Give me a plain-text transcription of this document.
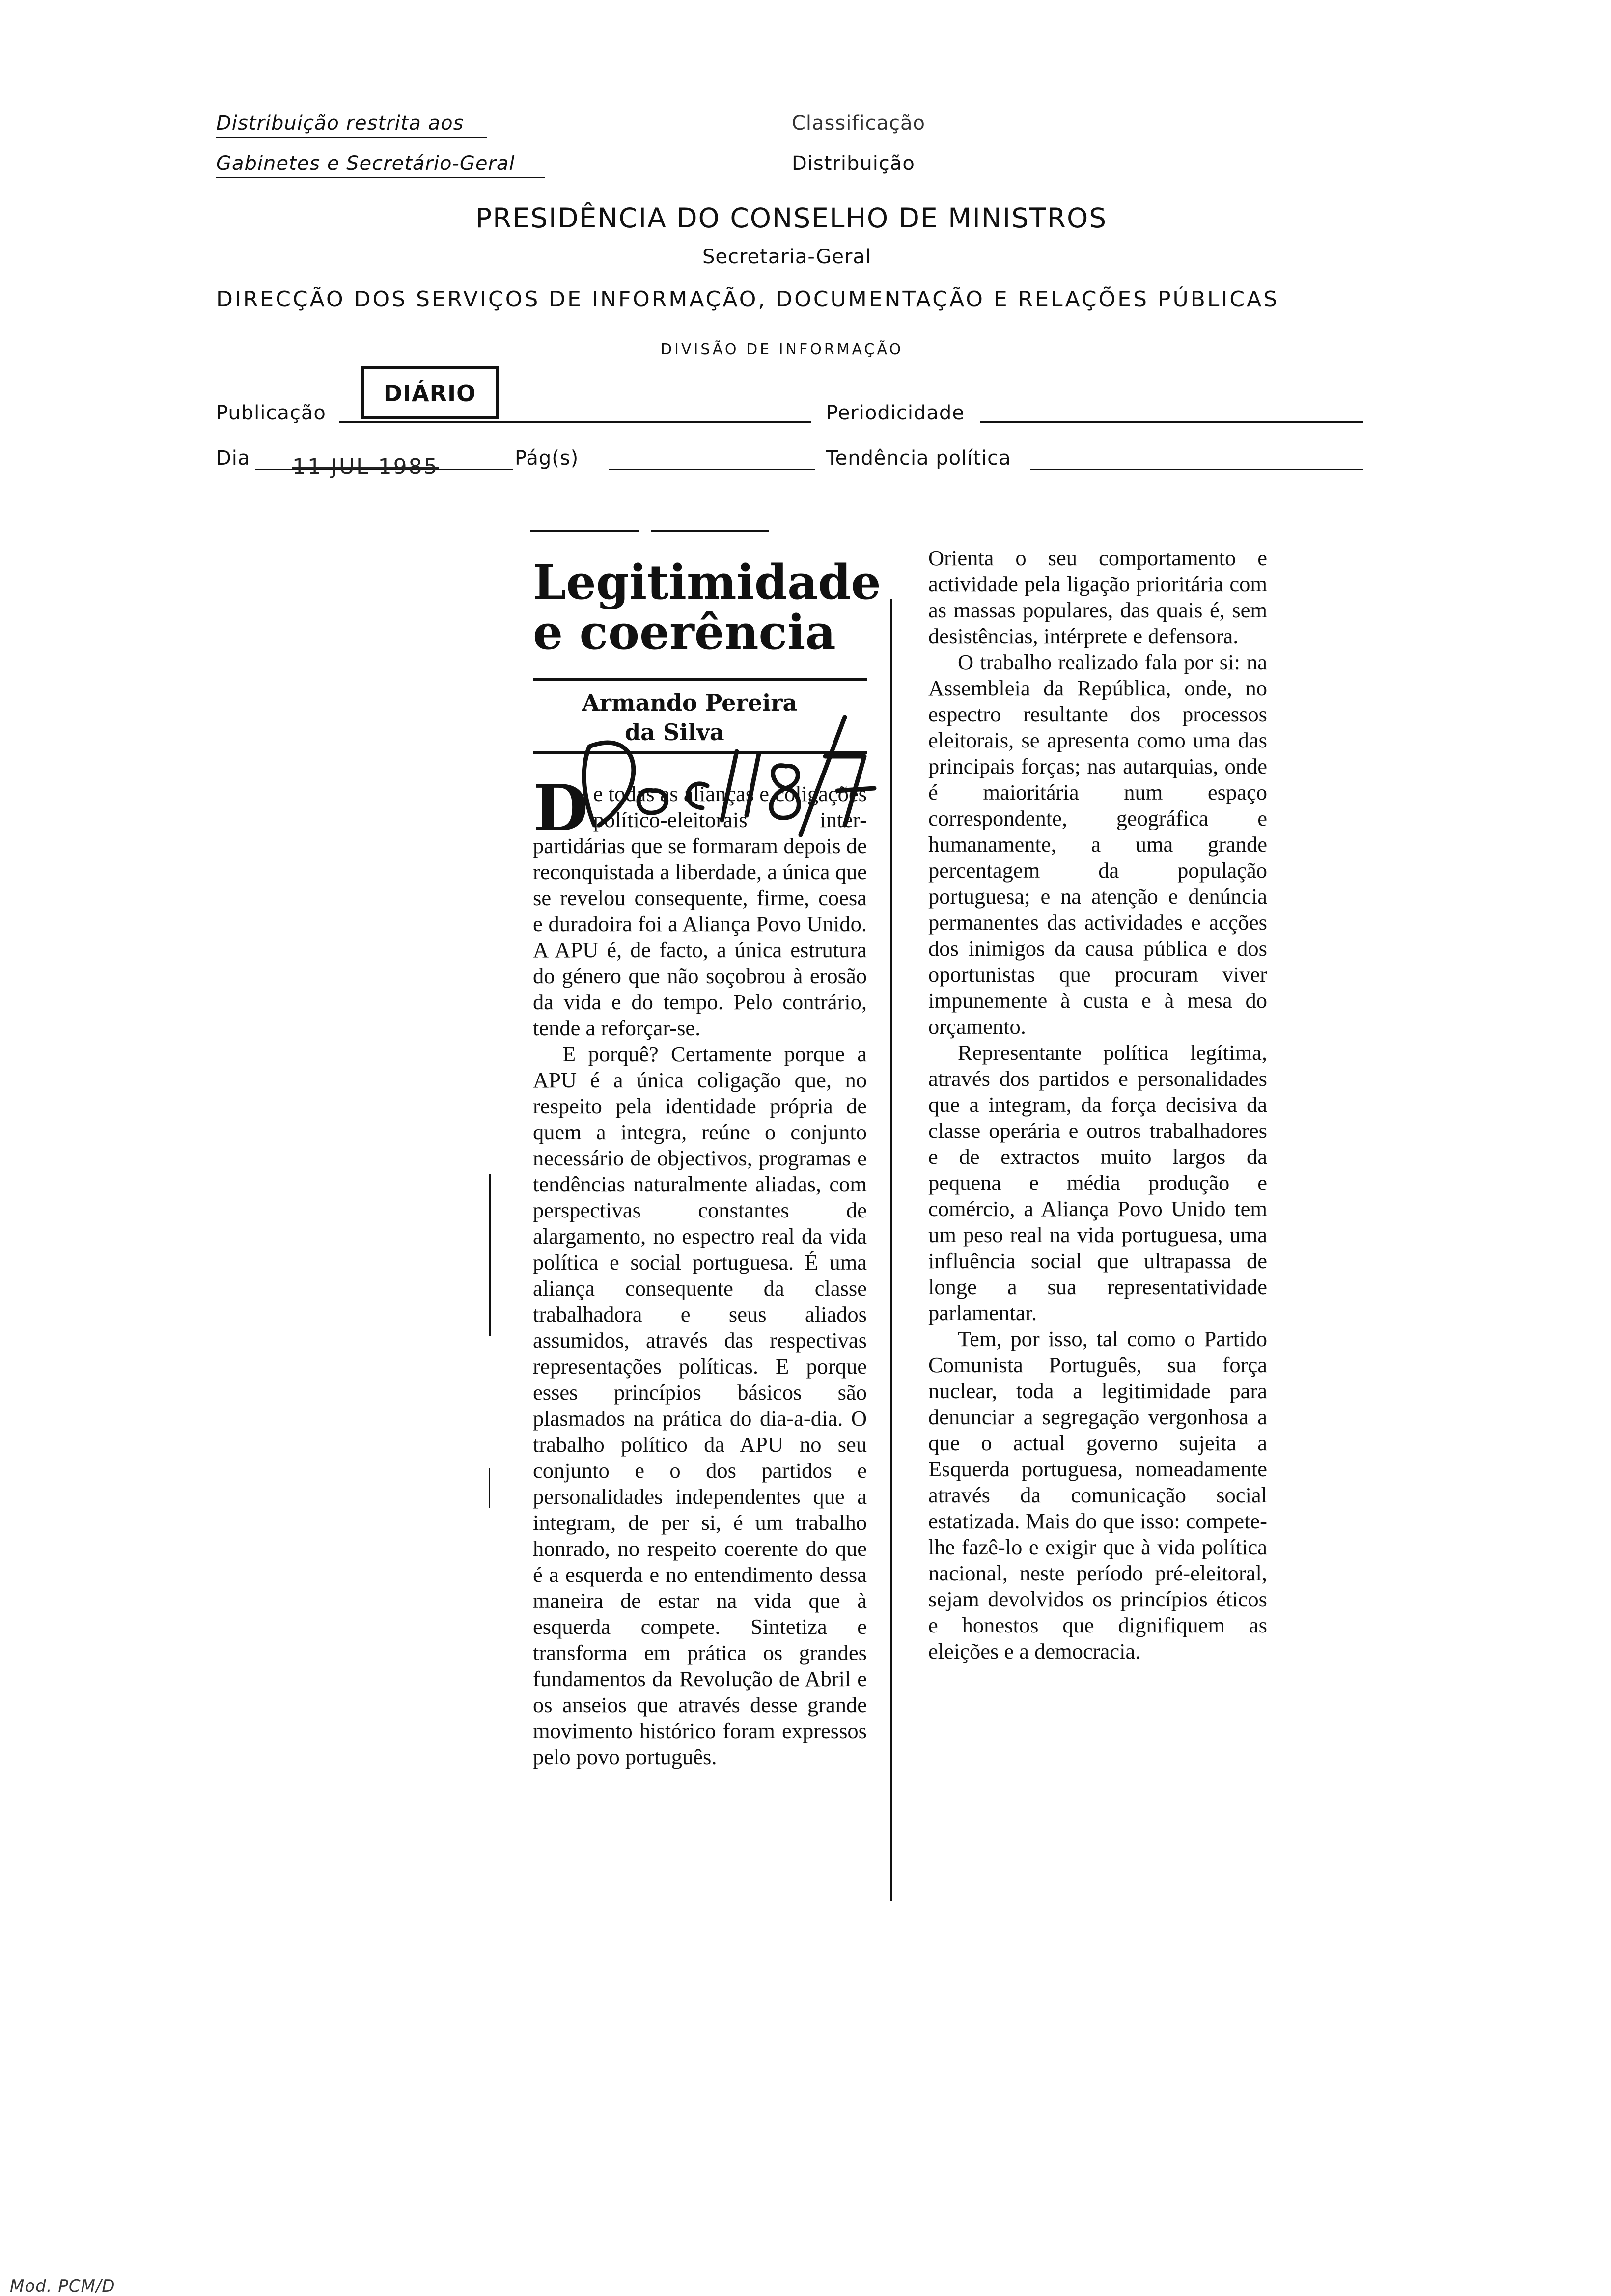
Distribuição restrita aos
Gabinetes e Secretário-Geral
Classificação
Distribuição
PRESIDÊNCIA DO CONSELHO DE MINISTROS
Secretaria-Geral
DIRECÇÃO DOS SERVIÇOS DE INFORMAÇÃO, DOCUMENTAÇÃO E RELAÇÕES PÚBLICAS
DIVISÃO DE INFORMAÇÃO
Publicação
DIÁRIO
Periodicidade
Dia 11 JUL 1985	Pág(s)	Tendência política
Legitimidade
e coerência
Armando Pereira
da Silva

D e todas as alianças e coligações político-eleitorais inter-partidárias que se formaram depois de reconquistada a liberdade, a única que se revelou consequente, firme, coesa e duradoira foi a Aliança Povo Unido. A APU é, de facto, a única estrutura do género que não soçobrou à erosão da vida e do tempo. Pelo contrário, tende a reforçar-se.

E porquê? Certamente porque a APU é a única coligação que, no respeito pela identidade própria de quem a integra, reúne o conjunto necessário de objectivos, programas e tendências naturalmente aliadas, com perspectivas constantes de alargamento, no espectro real da vida política e social portuguesa. É uma aliança consequente da classe trabalhadora e seus aliados assumidos, através das respectivas representações políticas. E porque esses princípios básicos são plasmados na prática do dia-a-dia. O trabalho político da APU no seu conjunto e o dos partidos e personalidades independentes que a integram, de per si, é um trabalho honrado, no respeito coerente do que é a esquerda e no entendimento dessa maneira de estar na vida que à esquerda compete. Sintetiza e transforma em prática os grandes fundamentos da Revolução de Abril e os anseios que através desse grande movimento histórico foram expressos pelo povo português.

Orienta o seu comportamento e actividade pela ligação prioritária com as massas populares, das quais é, sem desistências, intérprete e defensora.

O trabalho realizado fala por si: na Assembleia da República, onde, no espectro resultante dos processos eleitorais, se apresenta como uma das principais forças; nas autarquias, onde é maioritária num espaço correspondente, geográfica e humanamente, a uma grande percentagem da população portuguesa; e na atenção e denúncia permanentes das actividades e acções dos inimigos da causa pública e dos oportunistas que procuram viver impunemente à custa e à mesa do orçamento.

Representante política legítima, através dos partidos e personalidades que a integram, da força decisiva da classe operária e outros trabalhadores e de extractos muito largos da pequena e média produção e comércio, a Aliança Povo Unido tem um peso real na vida portuguesa, uma influência social que ultrapassa de longe a sua representatividade parlamentar.

Tem, por isso, tal como o Partido Comunista Português, sua força nuclear, toda a legitimidade para denunciar a segregação vergonhosa a que o actual governo sujeita a Esquerda portuguesa, nomeadamente através da comunicação social estatizada. Mais do que isso: compete-lhe fazê-lo e exigir que à vida política nacional, neste período pré-eleitoral, sejam devolvidos os princípios éticos e honestos que dignifiquem as eleições e a democracia.

Mod. PCM/D
